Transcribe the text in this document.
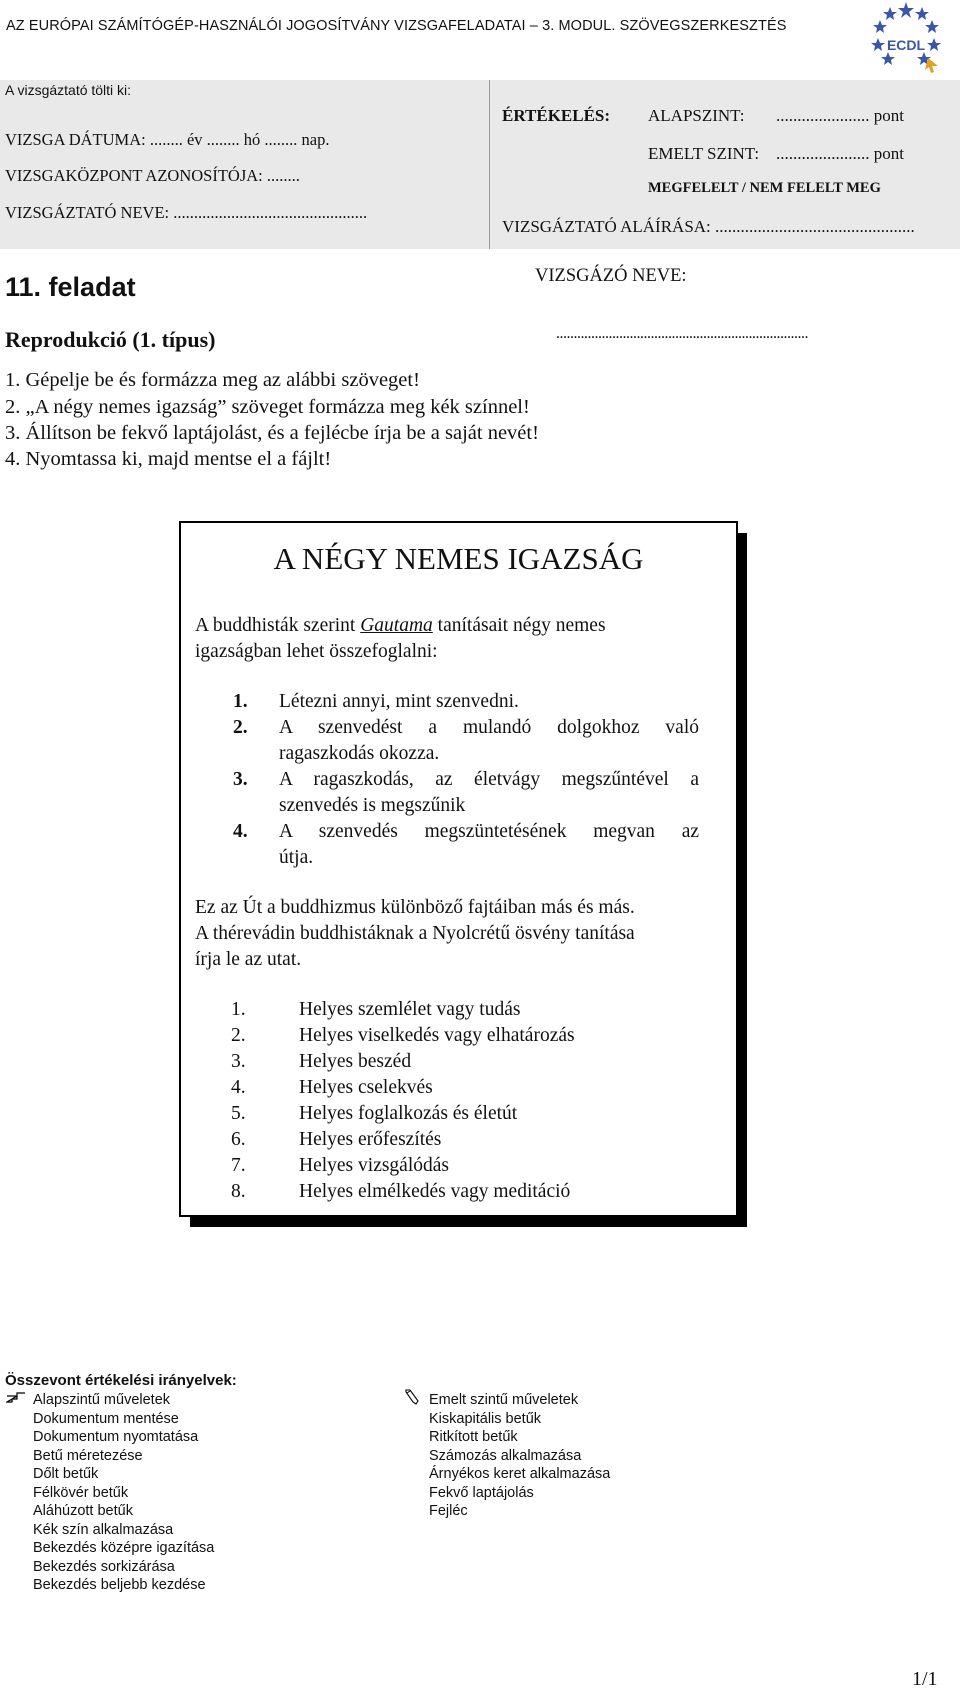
AZ EURÓPAI SZÁMÍTÓGÉP-HASZNÁLÓI JOGOSÍTVÁNY VIZSGAFELADATAI – 3. MODUL. SZÖVEGSZERKESZTÉS
ECDL
A vizsgáztató tölti ki:
VIZSGA DÁTUMA: ........ év ........ hó ........ nap.
VIZSGAKÖZPONT AZONOSÍTÓJA: ........
VIZSGÁZTATÓ NEVE: ...............................................
ÉRTÉKELÉS: ALAPSZINT: ...................... pont
EMELT SZINT: ...................... pont
MEGFELELT / NEM FELELT MEG
VIZSGÁZTATÓ ALÁÍRÁSA: ...............................................
VIZSGÁZÓ NEVE:
........................................................................
11. feladat
Reprodukció (1. típus)
1. Gépelje be és formázza meg az alábbi szöveget!
2. „A négy nemes igazság” szöveget formázza meg kék színnel!
3. Állítson be fekvő laptájolást, és a fejlécbe írja be a saját nevét!
4. Nyomtassa ki, majd mentse el a fájlt!
A NÉGY NEMES IGAZSÁG
A buddhisták szerint Gautama tanításait négy nemes
igazságban lehet összefoglalni:
1. Létezni annyi, mint szenvedni.
2. A szenvedést a mulandó dolgokhoz való
ragaszkodás okozza.
3. A ragaszkodás, az életvágy megszűntével a
szenvedés is megszűnik
4. A szenvedés megszüntetésének megvan az
útja.
Ez az Út a buddhizmus különböző fajtáiban más és más.
A thérevádin buddhistáknak a Nyolcrétű ösvény tanítása
írja le az utat.
1.	Helyes szemlélet vagy tudás
2.	Helyes viselkedés vagy elhatározás
3.	Helyes beszéd
4.	Helyes cselekvés
5.	Helyes foglalkozás és életút
6.	Helyes erőfeszítés
7.	Helyes vizsgálódás
8.	Helyes elmélkedés vagy meditáció
Összevont értékelési irányelvek:
Alapszintű műveletek
Dokumentum mentése
Dokumentum nyomtatása
Betű méretezése
Dőlt betűk
Félkövér betűk
Aláhúzott betűk
Kék szín alkalmazása
Bekezdés középre igazítása
Bekezdés sorkizárása
Bekezdés beljebb kezdése
Emelt szintű műveletek
Kiskapitális betűk
Ritkított betűk
Számozás alkalmazása
Árnyékos keret alkalmazása
Fekvő laptájolás
Fejléc
1/1
